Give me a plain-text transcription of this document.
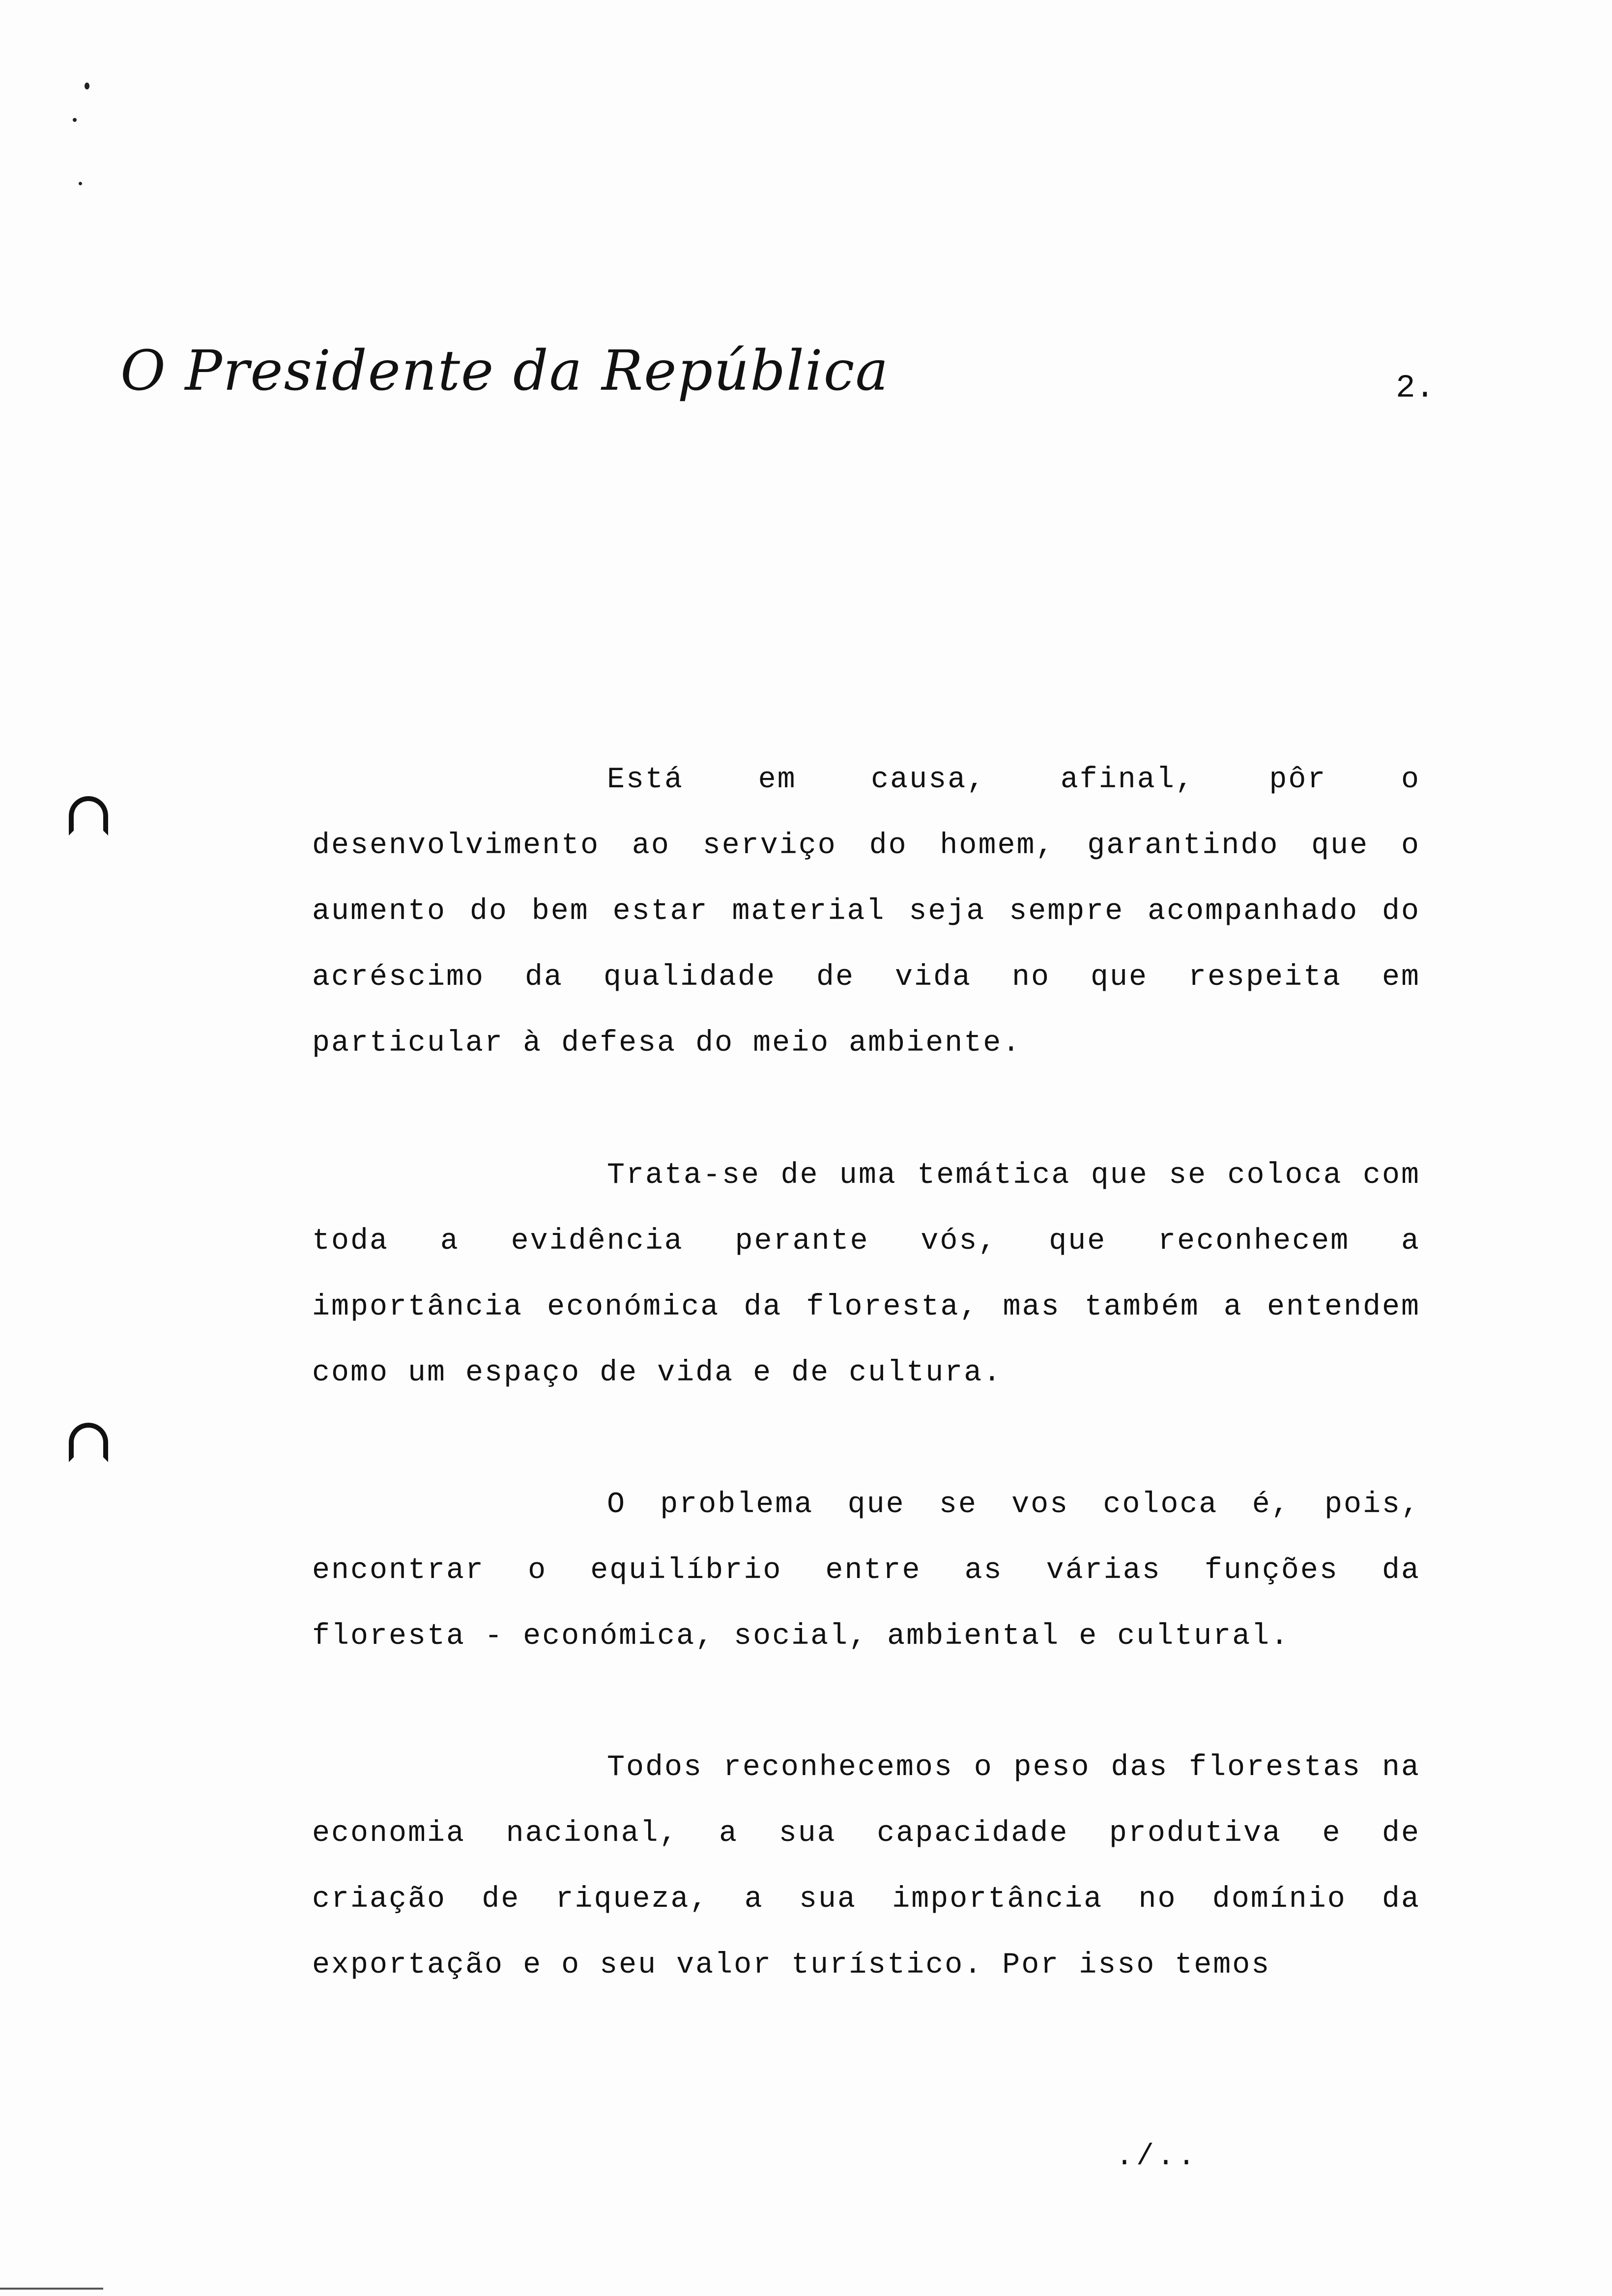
O Presidente da República	2.

Está em causa, afinal, pôr o desenvolvimento ao serviço do homem, garantindo que o aumento do bem estar material seja sempre acompanhado do acréscimo da qualidade de vida no que respeita em particular à defesa do meio ambiente.

Trata-se de uma temática que se coloca com toda a evidência perante vós, que reconhecem a importância económica da floresta, mas também a entendem como um espaço de vida e de cultura.

O problema que se vos coloca é, pois, encontrar o equilíbrio entre as várias funções da floresta - económica, social, ambiental e cultural.

Todos reconhecemos o peso das florestas na economia nacional, a sua capacidade produtiva e de criação de riqueza, a sua importância no domínio da exportação e o seu valor turístico. Por isso temos

./..
